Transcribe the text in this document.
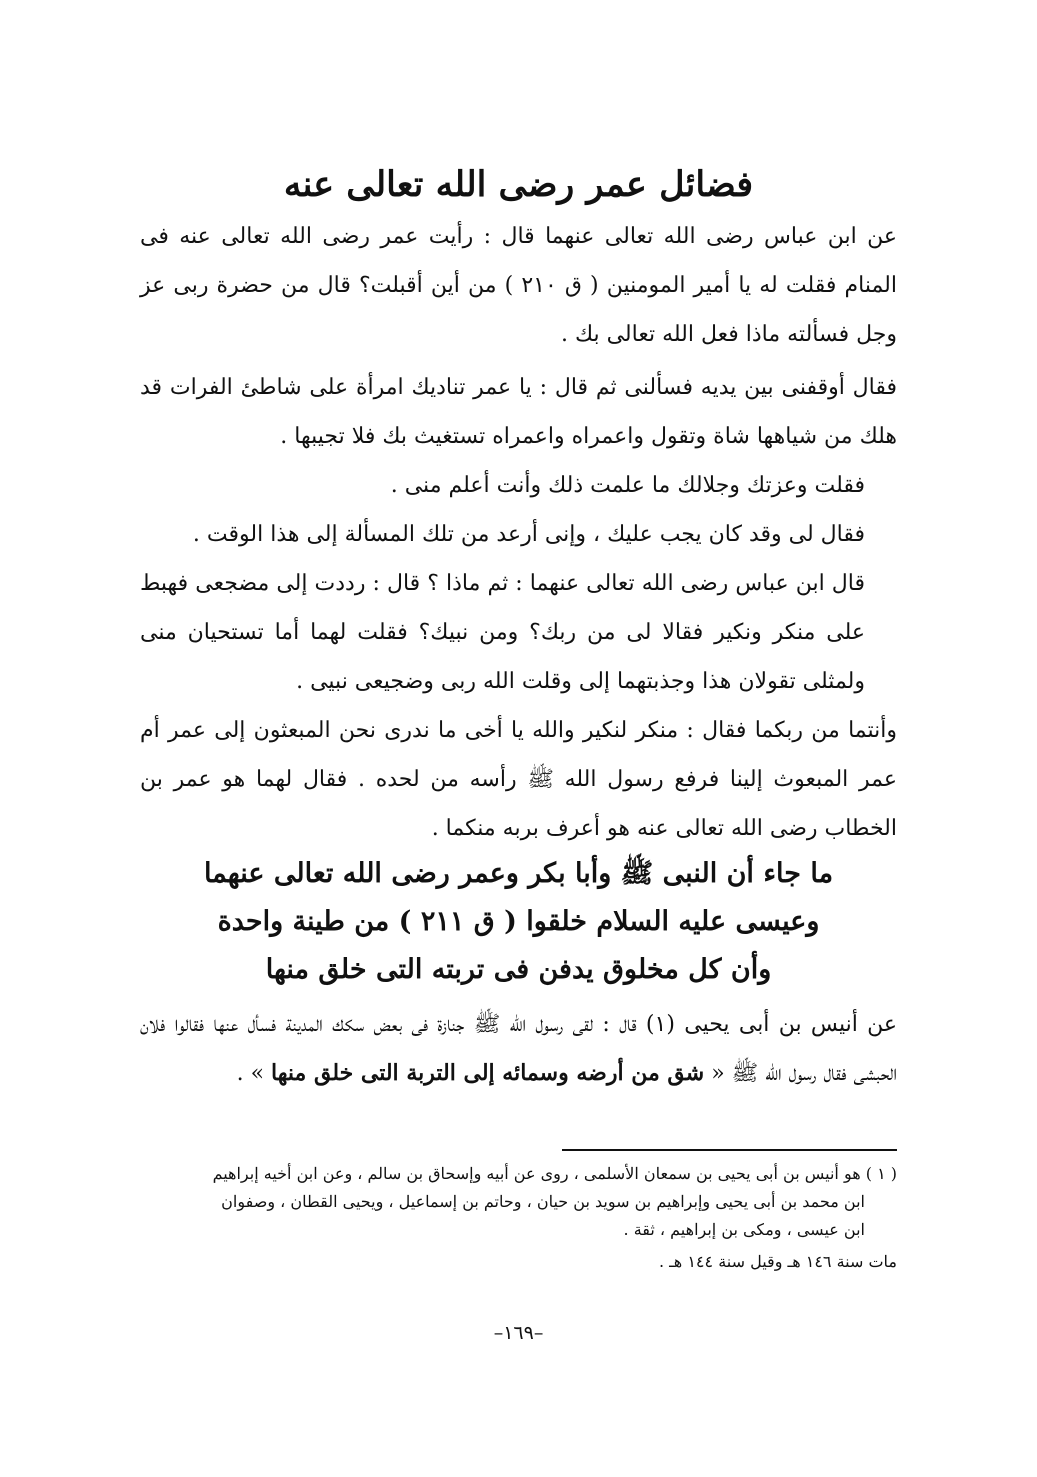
فضائل عمر رضى الله تعالى عنه

عن ابن عباس رضى الله تعالى عنهما قال : رأيت عمر رضى الله تعالى عنه فى المنام فقلت له يا أمير المومنين ( ق ٢١٠ ) من أين أقبلت؟ قال من حضرة ربى عز وجل فسألته ماذا فعل الله تعالى بك .

فقال أوقفنى بين يديه فسألنى ثم قال : يا عمر تناديك امرأة على شاطئ الفرات قد هلك من شياهها شاة وتقول واعمراه واعمراه تستغيث بك فلا تجيبها .

فقلت وعزتك وجلالك ما علمت ذلك وأنت أعلم منى .

فقال لى وقد كان يجب عليك ، وإنى أرعد من تلك المسألة إلى هذا الوقت .

قال ابن عباس رضى الله تعالى عنهما : ثم ماذا ؟ قال : رددت إلى مضجعى فهبط على منكر ونكير فقالا لى من ربك؟ ومن نبيك؟ فقلت لهما أما تستحيان منى ولمثلى تقولان هذا وجذبتهما إلى وقلت الله ربى وضجيعى نبيى .

وأنتما من ربكما فقال : منكر لنكير والله يا أخى ما ندرى نحن المبعثون إلى عمر أم عمر المبعوث إلينا فرفع رسول الله ﷺ رأسه من لحده . فقال لهما هو عمر بن الخطاب رضى الله تعالى عنه هو أعرف بربه منكما .

ما جاء أن النبى ﷺ وأبا بكر وعمر رضى الله تعالى عنهما
وعيسى عليه السلام خلقوا ( ق ٢١١ ) من طينة واحدة
وأن كل مخلوق يدفن فى تربته التى خلق منها

عن أنيس بن أبى يحيى (١) قال : لقى رسول الله ﷺ جنازة فى بعض سكك المدينة فسأل عنها فقالوا فلان الحبشى فقال رسول الله ﷺ « شق من أرضه وسمائه إلى التربة التى خلق منها » .

( ١ ) هو أنيس بن أبى يحيى بن سمعان الأسلمى ، روى عن أبيه وإسحاق بن سالم ، وعن ابن أخيه إبراهيم

ابن محمد بن أبى يحيى وإبراهيم بن سويد بن حيان ، وحاتم بن إسماعيل ، ويحيى القطان ، وصفوان

ابن عيسى ، ومكى بن إبراهيم ، ثقة .

مات سنة ١٤٦ هـ وقيل سنة ١٤٤ هـ .

–١٦٩–
